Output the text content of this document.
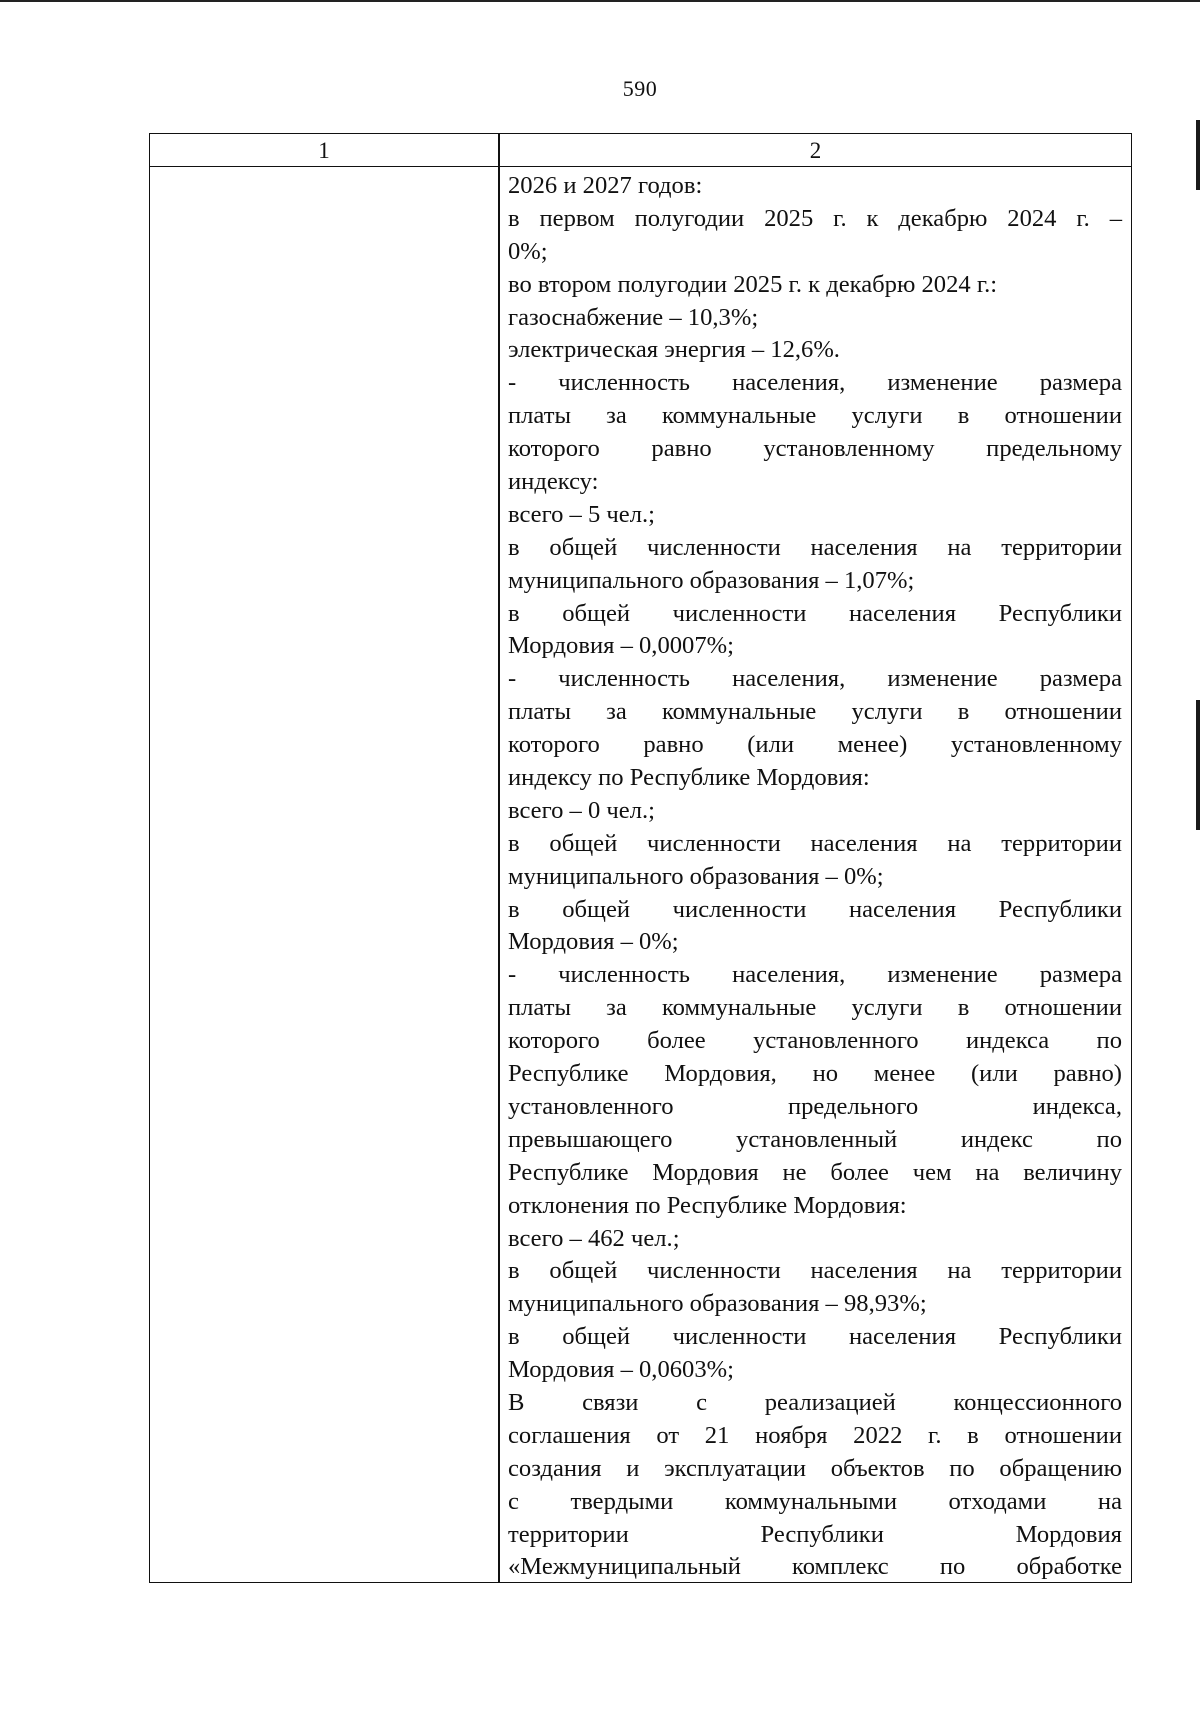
590
1	2
2026 и 2027 годов:
в первом полугодии 2025 г. к декабрю 2024 г. –
0%;
во втором полугодии 2025 г. к декабрю 2024 г.:
газоснабжение – 10,3%;
электрическая энергия – 12,6%.
- численность населения, изменение размера
платы за коммунальные услуги в отношении
которого равно установленному предельному
индексу:
всего – 5 чел.;
в общей численности населения на территории
муниципального образования – 1,07%;
в общей численности населения Республики
Мордовия – 0,0007%;
- численность населения, изменение размера
платы за коммунальные услуги в отношении
которого равно (или менее) установленному
индексу по Республике Мордовия:
всего – 0 чел.;
в общей численности населения на территории
муниципального образования – 0%;
в общей численности населения Республики
Мордовия – 0%;
- численность населения, изменение размера
платы за коммунальные услуги в отношении
которого более установленного индекса по
Республике Мордовия, но менее (или равно)
установленного предельного индекса,
превышающего установленный индекс по
Республике Мордовия не более чем на величину
отклонения по Республике Мордовия:
всего – 462 чел.;
в общей численности населения на территории
муниципального образования – 98,93%;
в общей численности населения Республики
Мордовия – 0,0603%;
В связи с реализацией концессионного
соглашения от 21 ноября 2022 г. в отношении
создания и эксплуатации объектов по обращению
с твердыми коммунальными отходами на
территории Республики Мордовия
«Межмуниципальный комплекс по обработке
